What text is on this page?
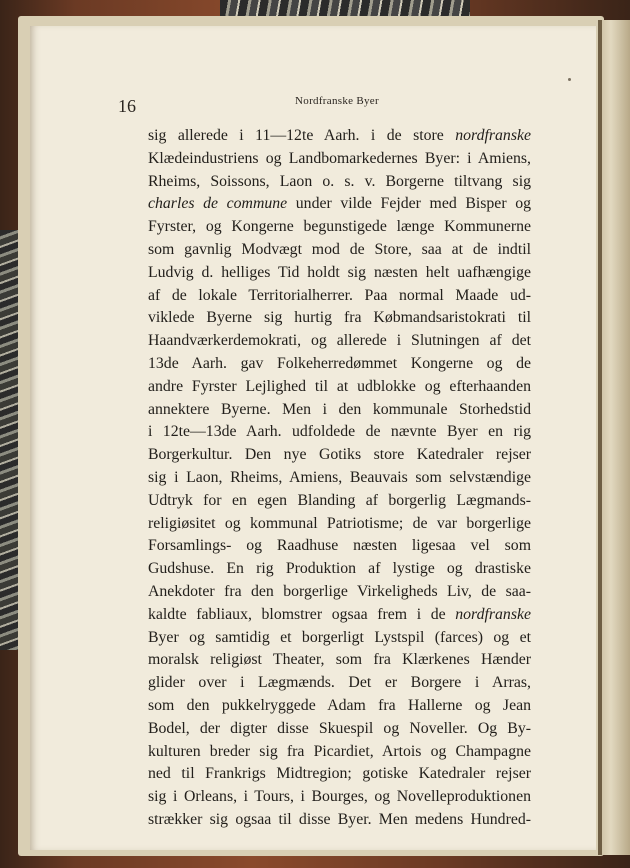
16	Nordfranske Byer
sig allerede i 11—12te Aarh. i de store nordfranske
Klædeindustriens og Landbomarkedernes Byer: i Amiens,
Rheims, Soissons, Laon o. s. v. Borgerne tiltvang sig
charles de commune under vilde Fejder med Bisper og
Fyrster, og Kongerne begunstigede længe Kommunerne
som gavnlig Modvægt mod de Store, saa at de indtil
Ludvig d. helliges Tid holdt sig næsten helt uafhængige
af de lokale Territorialherrer. Paa normal Maade ud-
viklede Byerne sig hurtig fra Købmandsaristokrati til
Haandværkerdemokrati, og allerede i Slutningen af det
13de Aarh. gav Folkeherredømmet Kongerne og de
andre Fyrster Lejlighed til at udblokke og efterhaanden
annektere Byerne. Men i den kommunale Storhedstid
i 12te—13de Aarh. udfoldede de nævnte Byer en rig
Borgerkultur. Den nye Gotiks store Katedraler rejser
sig i Laon, Rheims, Amiens, Beauvais som selvstændige
Udtryk for en egen Blanding af borgerlig Lægmands-
religiøsitet og kommunal Patriotisme; de var borgerlige
Forsamlings- og Raadhuse næsten ligesaa vel som
Gudshuse. En rig Produktion af lystige og drastiske
Anekdoter fra den borgerlige Virkeligheds Liv, de saa-
kaldte fabliaux, blomstrer ogsaa frem i de nordfranske
Byer og samtidig et borgerligt Lystspil (farces) og et
moralsk religiøst Theater, som fra Klærkenes Hænder
glider over i Lægmænds. Det er Borgere i Arras,
som den pukkelryggede Adam fra Hallerne og Jean
Bodel, der digter disse Skuespil og Noveller. Og By-
kulturen breder sig fra Picardiet, Artois og Champagne
ned til Frankrigs Midtregion; gotiske Katedraler rejser
sig i Orleans, i Tours, i Bourges, og Novelleproduktionen
strækker sig ogsaa til disse Byer. Men medens Hundred-
